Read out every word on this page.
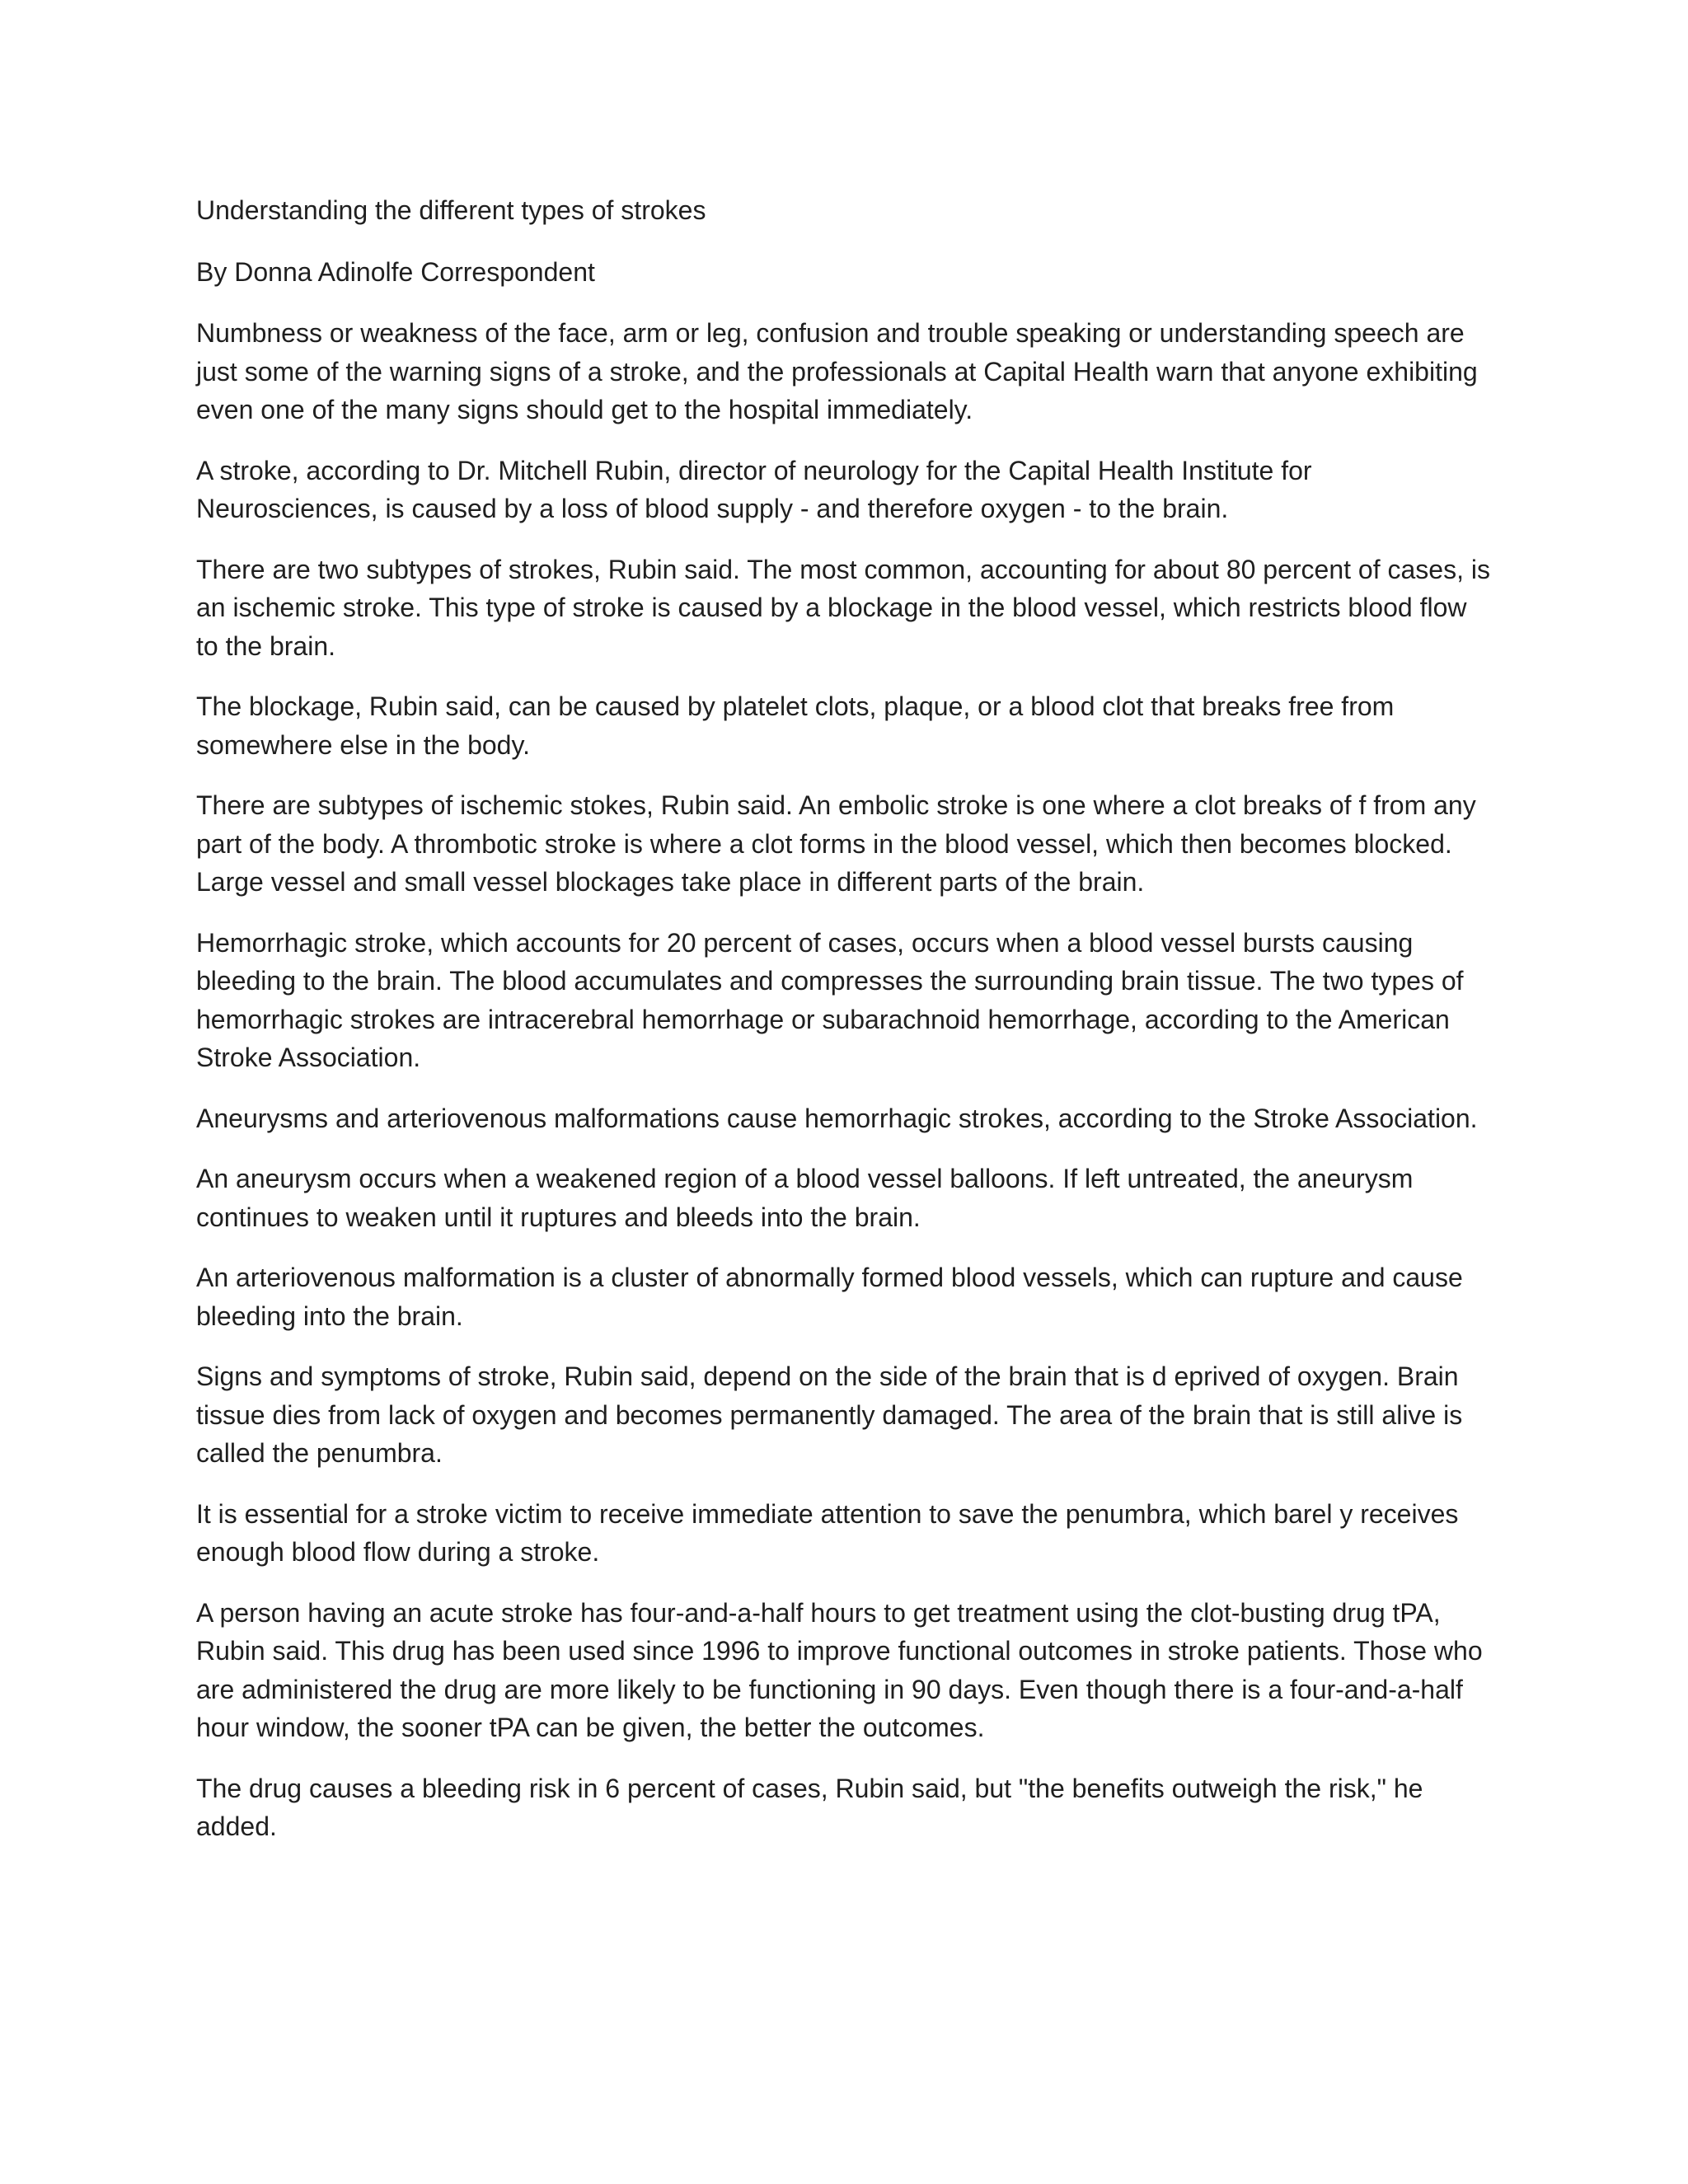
Understanding the different types of strokes

By Donna Adinolfe Correspondent

Numbness or weakness of the face, arm or leg, confusion and trouble speaking or understanding speech are just some of the warning signs of a stroke, and the professionals at Capital Health warn that anyone exhibiting even one of the many signs should get to the hospital immediately.

A stroke, according to Dr. Mitchell Rubin, director of neurology for the Capital Health Institute for Neurosciences, is caused by a loss of blood supply - and therefore oxygen - to the brain.

There are two subtypes of strokes, Rubin said. The most common, accounting for about 80 percent of cases, is an ischemic stroke. This type of stroke is caused by a blockage in the blood vessel, which restricts blood flow to the brain.

The blockage, Rubin said, can be caused by platelet clots, plaque, or a blood clot that breaks free from somewhere else in the body.

There are subtypes of ischemic stokes, Rubin said. An embolic stroke is one where a clot breaks of f from any part of the body. A thrombotic stroke is where a clot forms in the blood vessel, which then becomes blocked. Large vessel and small vessel blockages take place in different parts of the brain.

Hemorrhagic stroke, which accounts for 20 percent of cases, occurs when a blood vessel bursts causing bleeding to the brain. The blood accumulates and compresses the surrounding brain tissue. The two types of hemorrhagic strokes are intracerebral hemorrhage or subarachnoid hemorrhage, according to the American Stroke Association.

Aneurysms and arteriovenous malformations cause hemorrhagic strokes, according to the Stroke Association.

An aneurysm occurs when a weakened region of a blood vessel balloons. If left untreated, the aneurysm continues to weaken until it ruptures and bleeds into the brain.

An arteriovenous malformation is a cluster of abnormally formed blood vessels, which can rupture and cause bleeding into the brain.

Signs and symptoms of stroke, Rubin said, depend on the side of the brain that is d eprived of oxygen. Brain tissue dies from lack of oxygen and becomes permanently damaged. The area of the brain that is still alive is called the penumbra.

It is essential for a stroke victim to receive immediate attention to save the penumbra, which barel y receives enough blood flow during a stroke.

A person having an acute stroke has four-and-a-half hours to get treatment using the clot-busting drug tPA, Rubin said. This drug has been used since 1996 to improve functional outcomes in stroke patients. Those who are administered the drug are more likely to be functioning in 90 days. Even though there is a four-and-a-half hour window, the sooner tPA can be given, the better the outcomes.

The drug causes a bleeding risk in 6 percent of cases, Rubin said, but "the benefits outweigh the risk," he added.
